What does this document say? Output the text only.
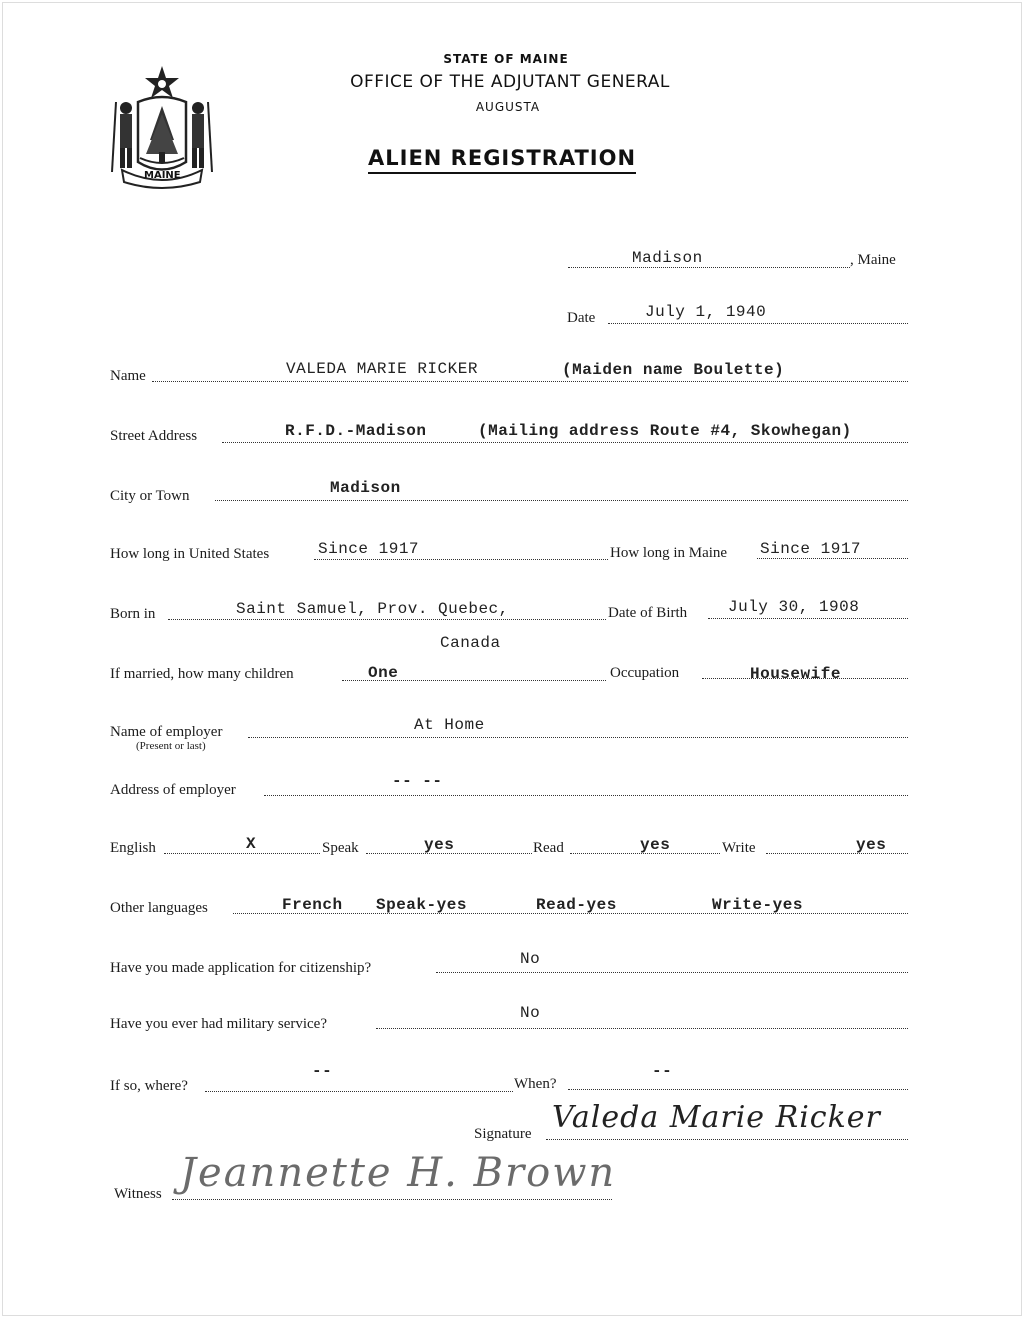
MAINE
STATE OF MAINE
OFFICE OF THE ADJUTANT GENERAL
AUGUSTA
ALIEN REGISTRATION
Madison	, Maine
Date	July 1, 1940
Name	VALEDA MARIE RICKER	(Maiden name Boulette)
Street Address	R.F.D.-Madison	(Mailing address Route #4, Skowhegan)
City or Town	Madison
How long in United States	Since 1917	How long in Maine Since 1917
Born in	Saint Samuel, Prov. Quebec,
Canada
Date of Birth	July 30, 1908
If married, how many children	One	Occupation	Housewife
Name of employer
(Present or last)
At Home
Address of employer	-- --
English	X	Speak	yes	Read	yes	Write	yes
Other languages	French Speak-yes	Read-yes	Write-yes
Have you made application for citizenship?	No
Have you ever had military service?
No
If so, where?
--
When?
--
Signature Valeda Marie Ricker
Witness Jeannette H. Brown
